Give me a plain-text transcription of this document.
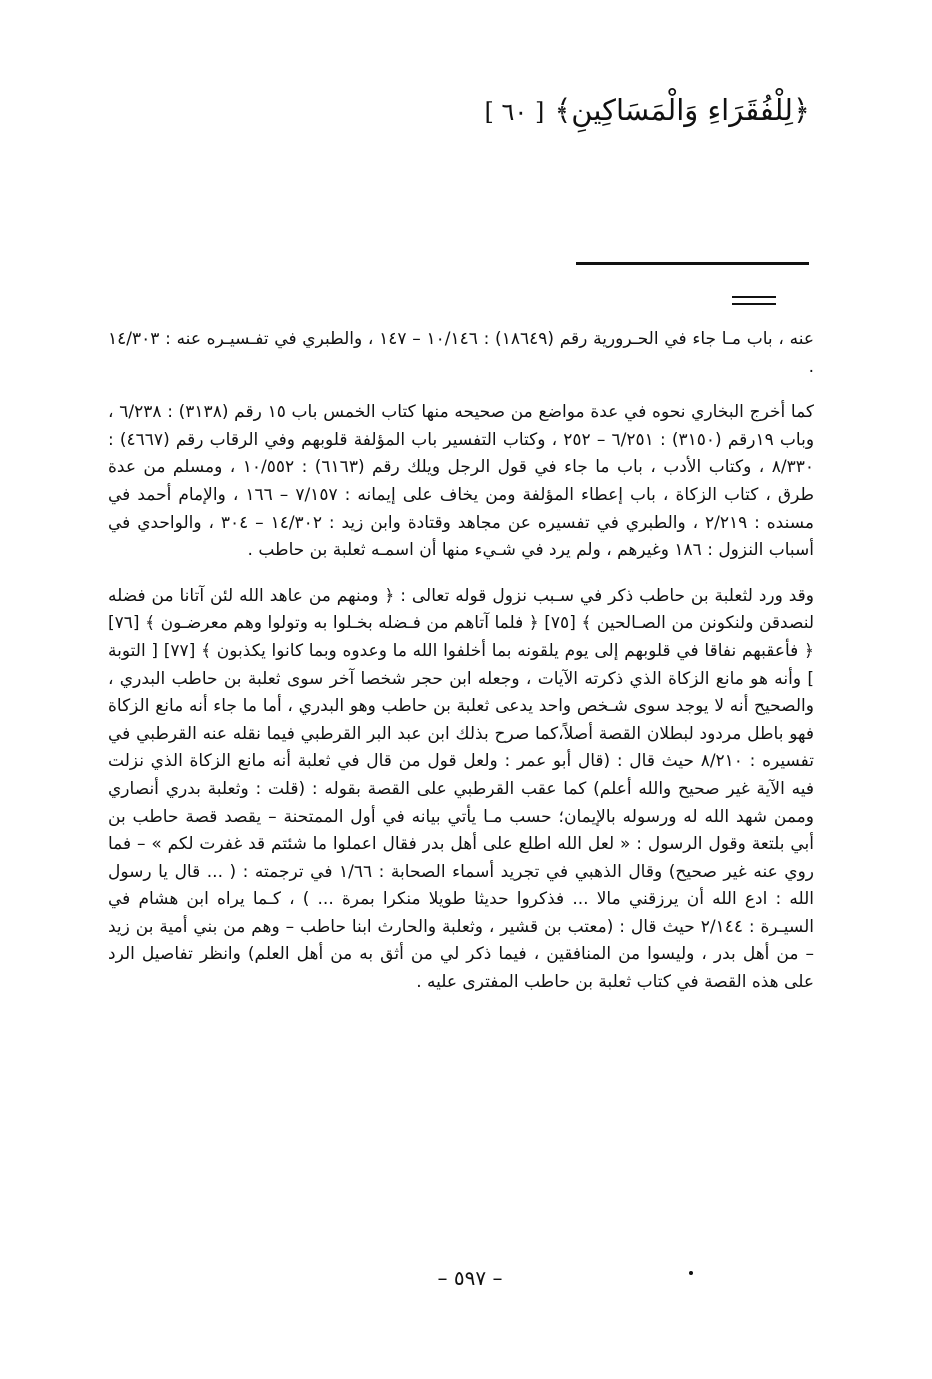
﴿لِلْفُقَرَاءِ وَالْمَسَاكِينِ﴾[ ٦٠ ]

عنه ، باب مـا جاء في الحـرورية رقم (١٨٦٤٩) : ١٠/١٤٦ – ١٤٧ ، والطبري في تفـسيـره عنه : ١٤/٣٠٣ .

كما أخرج البخاري نحوه في عدة مواضع من صحيحه منها كتاب الخمس باب ١٥ رقم (٣١٣٨) : ٦/٢٣٨ ، وباب ١٩رقم (٣١٥٠) : ٦/٢٥١ – ٢٥٢ ، وكتاب التفسير باب المؤلفة قلوبهم وفي الرقاب رقم (٤٦٦٧) : ٨/٣٣٠ ، وكتاب الأدب ، باب ما جاء في قول الرجل ويلك رقم (٦١٦٣) : ١٠/٥٥٢ ، ومسلم من عدة طرق ، كتاب الزكاة ، باب إعطاء المؤلفة ومن يخاف على إيمانه : ٧/١٥٧ – ١٦٦ ، والإمام أحمد في مسنده : ٢/٢١٩ ، والطبري في تفسيره عن مجاهد وقتادة وابن زيد : ١٤/٣٠٢ – ٣٠٤ ، والواحدي في أسباب النزول : ١٨٦ وغيرهم ، ولم يرد في شـيء منها أن اسمـه ثعلبة بن حاطب .

وقد ورد لثعلبة بن حاطب ذكر في سـبب نزول قوله تعالى : ﴿ ومنهم من عاهد الله لئن آتانا من فضله لنصدقن ولنكونن من الصـالحين ﴾ [٧٥] ﴿ فلما آتاهم من فـضله بخـلوا به وتولوا وهم معرضـون ﴾ [٧٦] ﴿ فأعقبهم نفاقا في قلوبهم إلى يوم يلقونه بما أخلفوا الله ما وعدوه وبما كانوا يكذبون ﴾ [٧٧] [ التوبة ] وأنه هو مانع الزكاة الذي ذكرته الآيات ، وجعله ابن حجر شخصا آخر سوى ثعلبة بن حاطب البدري ، والصحيح أنه لا يوجد سوى شـخص واحد يدعى ثعلبة بن حاطب وهو البدري ، أما ما جاء أنه مانع الزكاة فهو باطل مردود لبطلان القصة أصلاً،كما صرح بذلك ابن عبد البر القرطبي فيما نقله عنه القرطبي في تفسيره : ٨/٢١٠ حيث قال : (قال أبو عمر : ولعل قول من قال في ثعلبة أنه مانع الزكاة الذي نزلت فيه الآية غير صحيح والله أعلم) كما عقب القرطبي على القصة بقوله : (قلت : وثعلبة بدري أنصاري وممن شهد الله له ورسوله بالإيمان؛ حسب مـا يأتي بيانه في أول الممتحنة – يقصد قصة حاطب بن أبي بلتعة وقول الرسول : « لعل الله اطلع على أهل بدر فقال اعملوا ما شئتم قد غفرت لكم » – فما روي عنه غير صحيح) وقال الذهبي في تجريد أسماء الصحابة : ١/٦٦ في ترجمته : ( ... قال يا رسول الله : ادع الله أن يرزقني مالا ... فذكروا حديثا طويلا منكرا بمرة ... ) ، كـما يراه ابن هشام في السيـرة : ٢/١٤٤ حيث قال : (معتب بن قشير ، وثعلبة والحارث ابنا حاطب – وهم من بني أمية بن زيد – من أهل بدر ، وليسوا من المنافقين ، فيما ذكر لي من أثق به من أهل العلم) وانظر تفاصيل الرد على هذه القصة في كتاب ثعلبة بن حاطب المفترى عليه .

– ٥٩٧ –
